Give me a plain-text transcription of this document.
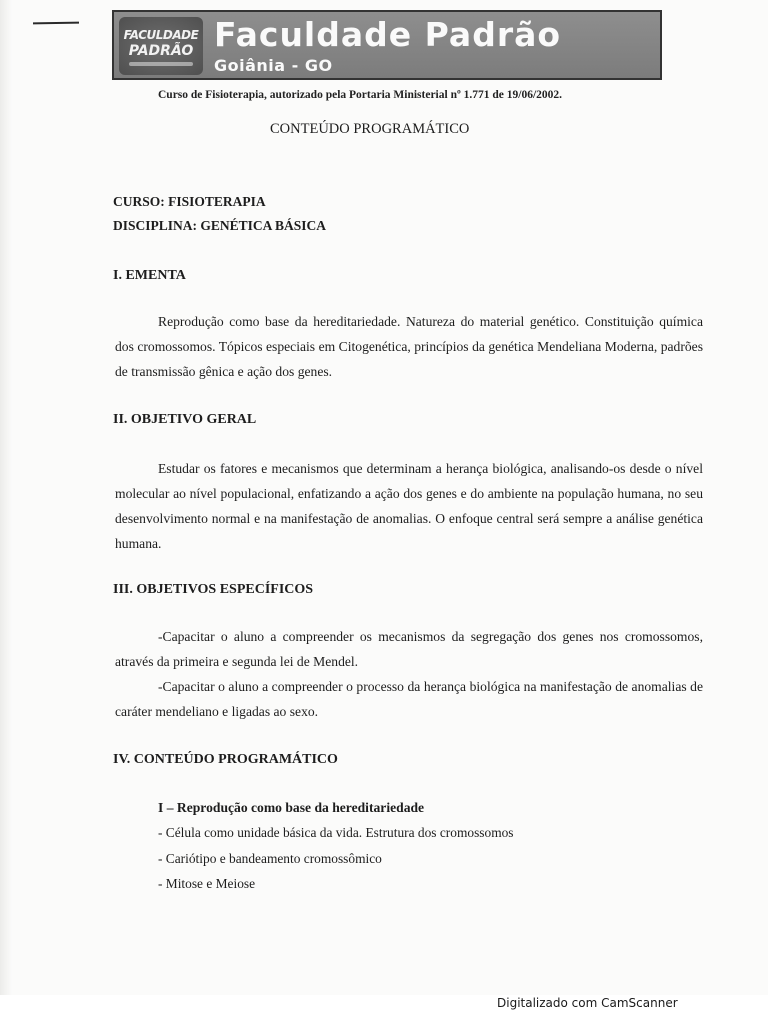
FACULDADE
PADRÃO Faculdade Padrão
Goiânia - GO
Curso de Fisioterapia, autorizado pela Portaria Ministerial nº 1.771 de 19/06/2002.
CONTEÚDO PROGRAMÁTICO
CURSO: FISIOTERAPIA
DISCIPLINA: GENÉTICA BÁSICA
I. EMENTA

Reprodução como base da hereditariedade. Natureza do material genético. Constituição química dos cromossomos. Tópicos especiais em Citogenética, princípios da genética Mendeliana Moderna, padrões de transmissão gênica e ação dos genes.

II. OBJETIVO GERAL

Estudar os fatores e mecanismos que determinam a herança biológica, analisando-os desde o nível molecular ao nível populacional, enfatizando a ação dos genes e do ambiente na população humana, no seu desenvolvimento normal e na manifestação de anomalias. O enfoque central será sempre a análise genética humana.

III. OBJETIVOS ESPECÍFICOS

-Capacitar o aluno a compreender os mecanismos da segregação dos genes nos cromossomos, através da primeira e segunda lei de Mendel.

-Capacitar o aluno a compreender o processo da herança biológica na manifestação de anomalias de caráter mendeliano e ligadas ao sexo.

IV. CONTEÚDO PROGRAMÁTICO
I – Reprodução como base da hereditariedade
- Célula como unidade básica da vida. Estrutura dos cromossomos
- Cariótipo e bandeamento cromossômico
- Mitose e Meiose
Digitalizado com CamScanner
